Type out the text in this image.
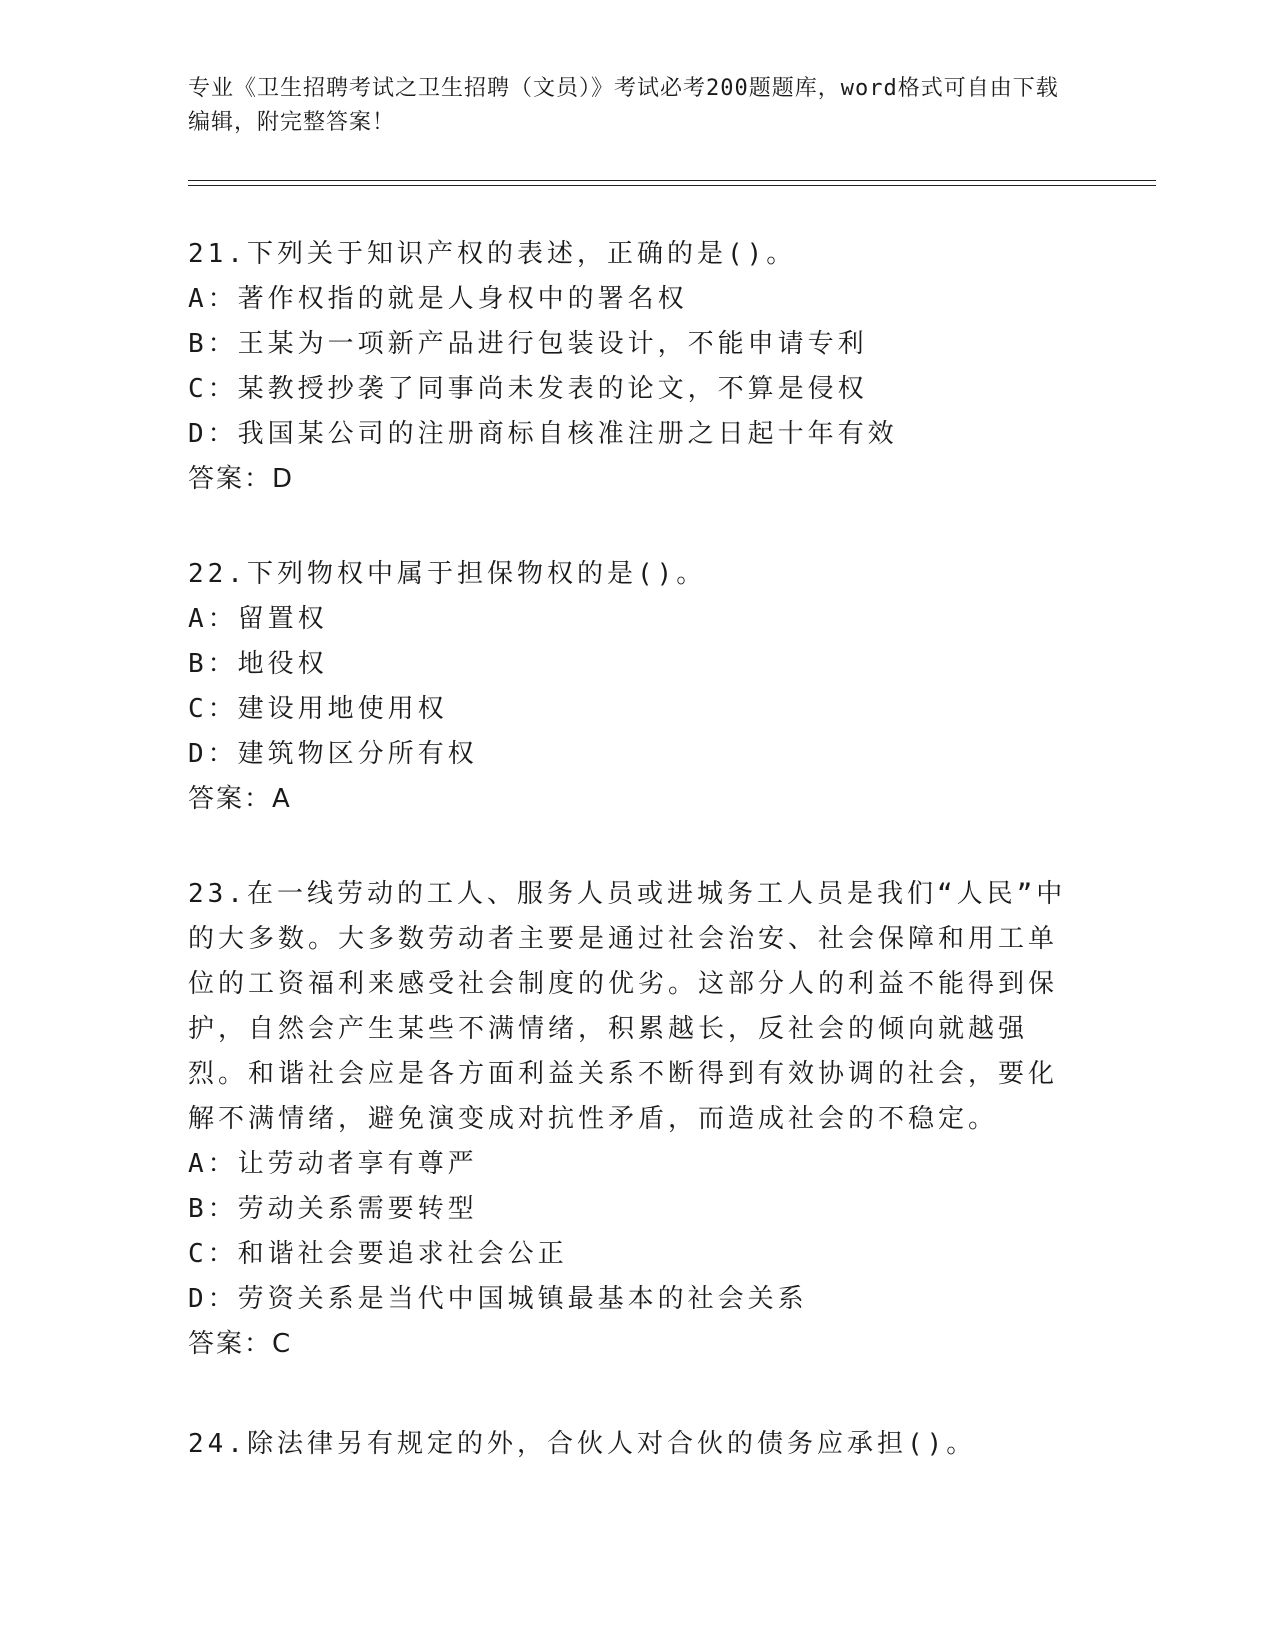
专业《卫生招聘考试之卫生招聘（文员）》考试必考200题题库，word格式可自由下载编辑，附完整答案！
21.下列关于知识产权的表述，正确的是()。
A：著作权指的就是人身权中的署名权
B：王某为一项新产品进行包装设计，不能申请专利
C：某教授抄袭了同事尚未发表的论文，不算是侵权
D：我国某公司的注册商标自核准注册之日起十年有效
答案：D
22.下列物权中属于担保物权的是()。
A：留置权
B：地役权
C：建设用地使用权
D：建筑物区分所有权
答案：A
23.在一线劳动的工人、服务人员或进城务工人员是我们“人民”中的大多数。大多数劳动者主要是通过社会治安、社会保障和用工单位的工资福利来感受社会制度的优劣。这部分人的利益不能得到保护，自然会产生某些不满情绪，积累越长，反社会的倾向就越强烈。和谐社会应是各方面利益关系不断得到有效协调的社会，要化解不满情绪，避免演变成对抗性矛盾，而造成社会的不稳定。
A：让劳动者享有尊严
B：劳动关系需要转型
C：和谐社会要追求社会公正
D：劳资关系是当代中国城镇最基本的社会关系
答案：C
24.除法律另有规定的外，合伙人对合伙的债务应承担()。
